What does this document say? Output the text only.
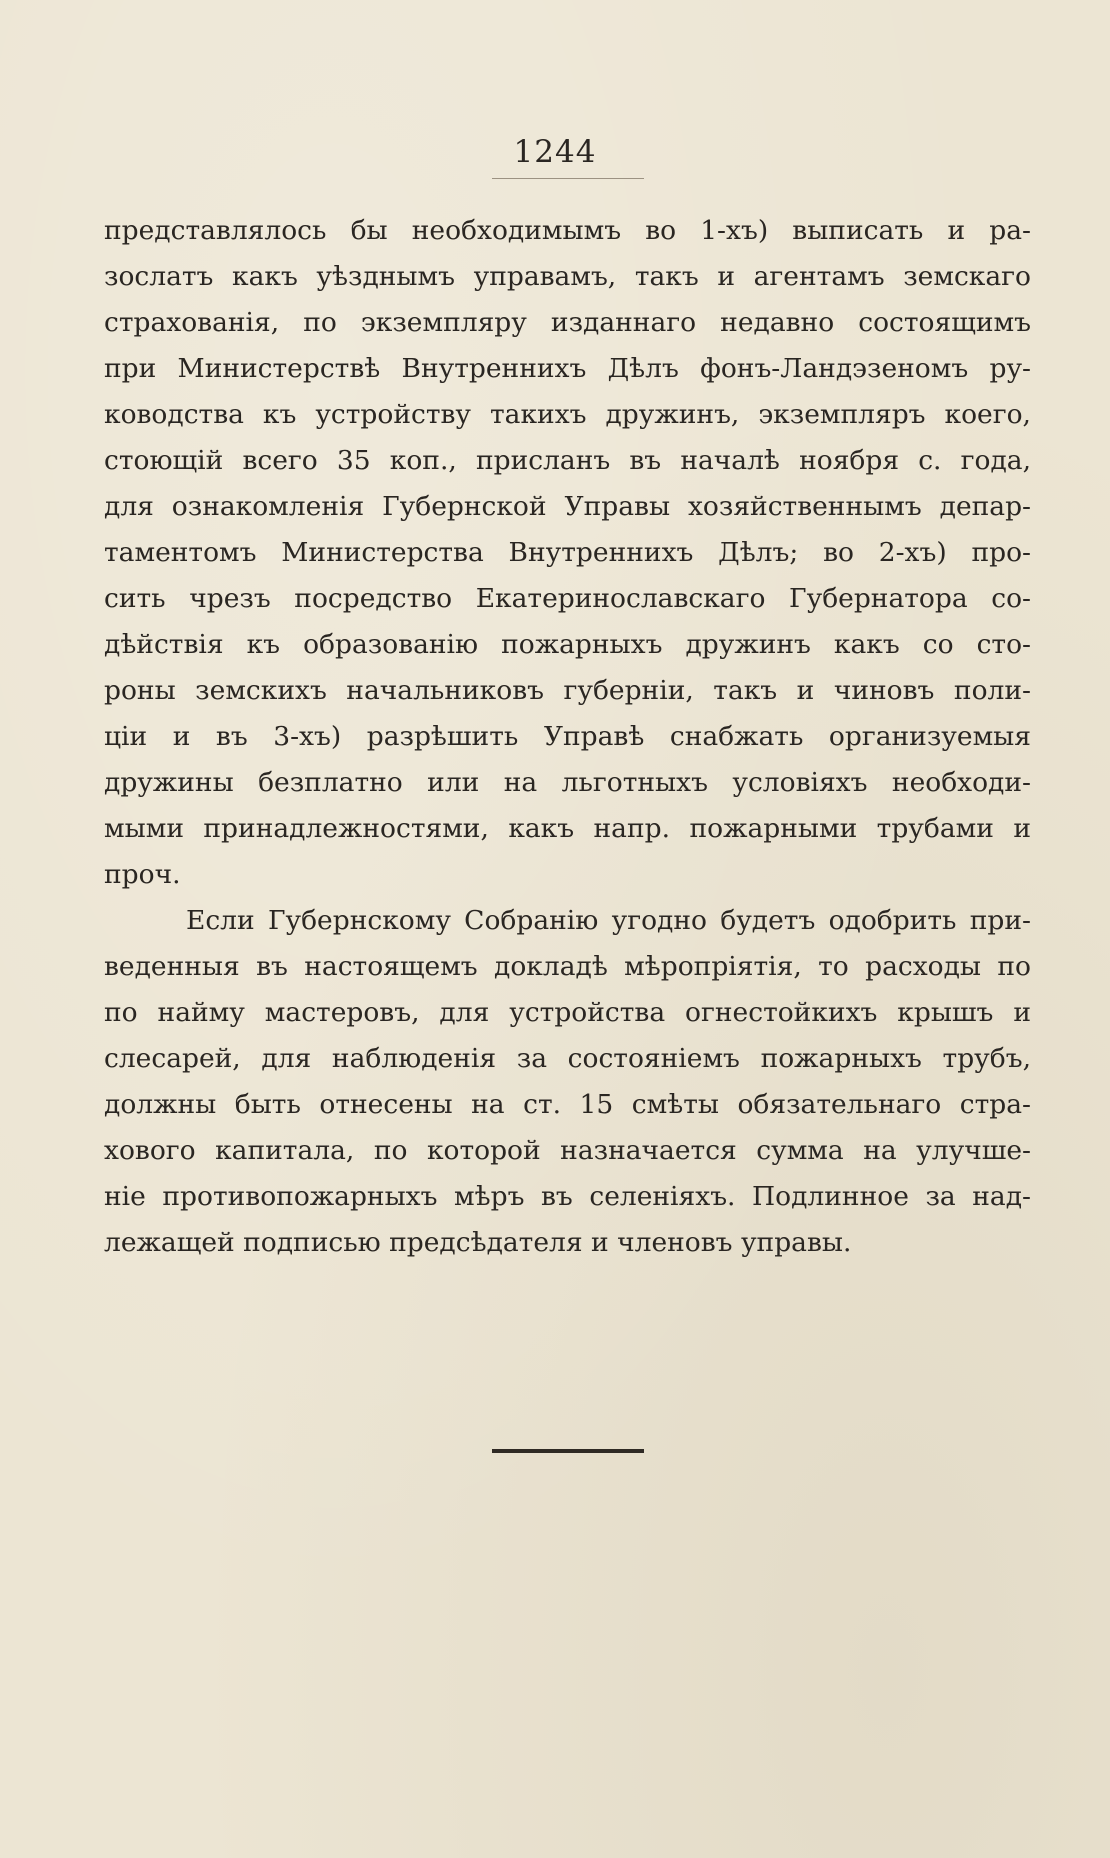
1244
представлялось бы необходимымъ во 1-хъ) выписать и ра-
зослатъ какъ уѣзднымъ управамъ, такъ и агентамъ земскаго
страхованія, по экземпляру изданнаго недавно состоящимъ
при Министерствѣ Внутреннихъ Дѣлъ фонъ-Ландэзеномъ ру-
ководства къ устройству такихъ дружинъ, экземпляръ коего,
стоющій всего 35 коп., присланъ въ началѣ ноября с. года,
для ознакомленія Губернской Управы хозяйственнымъ депар-
таментомъ Министерства Внутреннихъ Дѣлъ; во 2-хъ) про-
сить чрезъ посредство Екатеринославскаго Губернатора со-
дѣйствія къ образованію пожарныхъ дружинъ какъ со сто-
роны земскихъ начальниковъ губерніи, такъ и чиновъ поли-
ціи и въ 3-хъ) разрѣшить Управѣ снабжать организуемыя
дружины безплатно или на льготныхъ условіяхъ необходи-
мыми принадлежностями, какъ напр. пожарными трубами и
проч.
Если Губернскому Собранію угодно будетъ одобрить при-
веденныя въ настоящемъ докладѣ мѣропріятія, то расходы по
по найму мастеровъ, для устройства огнестойкихъ крышъ и
слесарей, для наблюденія за состояніемъ пожарныхъ трубъ,
должны быть отнесены на ст. 15 смѣты обязательнаго стра-
хового капитала, по которой назначается сумма на улучше-
ніе противопожарныхъ мѣръ въ селеніяхъ. Подлинное за над-
лежащей подписью предсѣдателя и членовъ управы.
